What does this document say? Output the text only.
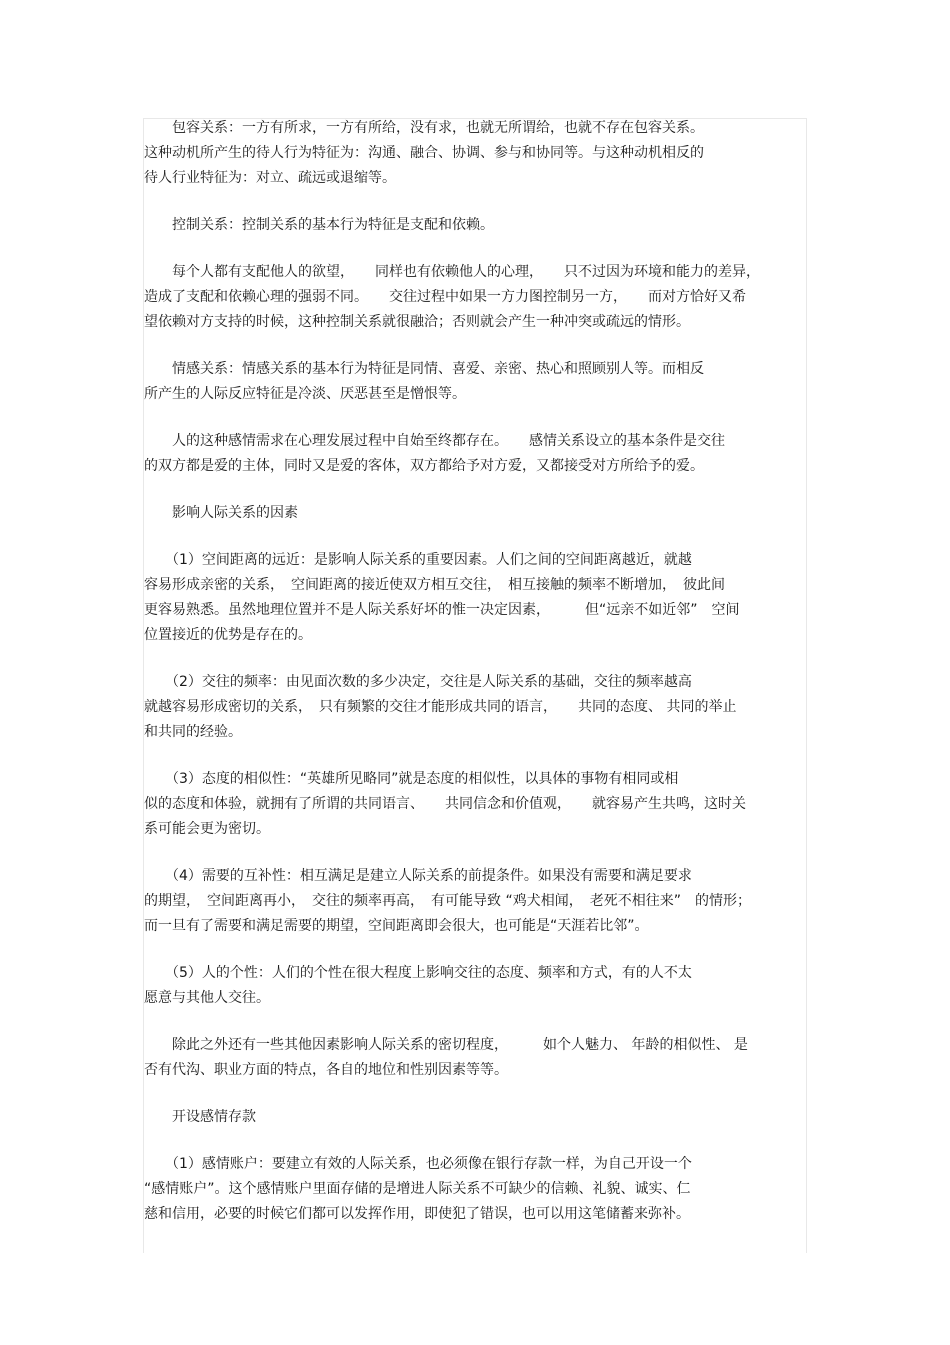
　　包容关系：一方有所求，一方有所给，没有求，也就无所谓给，也就不存在包容关系。

这种动机所产生的待人行为特征为：沟通、融合、协调、参与和协同等。与这种动机相反的

待人行业特征为：对立、疏远或退缩等。

　　控制关系：控制关系的基本行为特征是支配和依赖。

　　每个人都有支配他人的欲望，　　同样也有依赖他人的心理，　　只不过因为环境和能力的差异，

造成了支配和依赖心理的强弱不同。　　交往过程中如果一方力图控制另一方，　　而对方恰好又希

望依赖对方支持的时候，这种控制关系就很融洽；否则就会产生一种冲突或疏远的情形。

　　情感关系：情感关系的基本行为特征是同情、喜爱、亲密、热心和照顾别人等。而相反

所产生的人际反应特征是冷淡、厌恶甚至是憎恨等。

　　人的这种感情需求在心理发展过程中自始至终都存在。　　感情关系设立的基本条件是交往

的双方都是爱的主体，同时又是爱的客体，双方都给予对方爱，又都接受对方所给予的爱。

　　影响人际关系的因素

　　（1）空间距离的远近：是影响人际关系的重要因素。人们之间的空间距离越近，就越

容易形成亲密的关系，　空间距离的接近使双方相互交往，　相互接触的频率不断增加，　彼此间

更容易熟悉。虽然地理位置并不是人际关系好坏的惟一决定因素，　　　但“远亲不如近邻”　空间

位置接近的优势是存在的。

　　（2）交往的频率：由见面次数的多少决定，交往是人际关系的基础，交往的频率越高

就越容易形成密切的关系，　只有频繁的交往才能形成共同的语言，　　共同的态度、 共同的举止

和共同的经验。

　　（3）态度的相似性：“英雄所见略同”就是态度的相似性，以具体的事物有相同或相

似的态度和体验，就拥有了所谓的共同语言、　　共同信念和价值观，　　就容易产生共鸣，这时关

系可能会更为密切。

　　（4）需要的互补性：相互满足是建立人际关系的前提条件。如果没有需要和满足要求

的期望，　空间距离再小，　交往的频率再高，　有可能导致 “鸡犬相闻，　老死不相往来”　的情形；

而一旦有了需要和满足需要的期望，空间距离即会很大，也可能是“天涯若比邻”。

　　（5）人的个性：人们的个性在很大程度上影响交往的态度、频率和方式，有的人不太

愿意与其他人交往。

　　除此之外还有一些其他因素影响人际关系的密切程度，　　　如个人魅力、 年龄的相似性、 是

否有代沟、职业方面的特点，各自的地位和性别因素等等。

　　开设感情存款

　　（1）感情账户：要建立有效的人际关系，也必须像在银行存款一样，为自己开设一个

“感情账户”。这个感情账户里面存储的是增进人际关系不可缺少的信赖、礼貌、诚实、仁

慈和信用，必要的时候它们都可以发挥作用，即使犯了错误，也可以用这笔储蓄来弥补。
